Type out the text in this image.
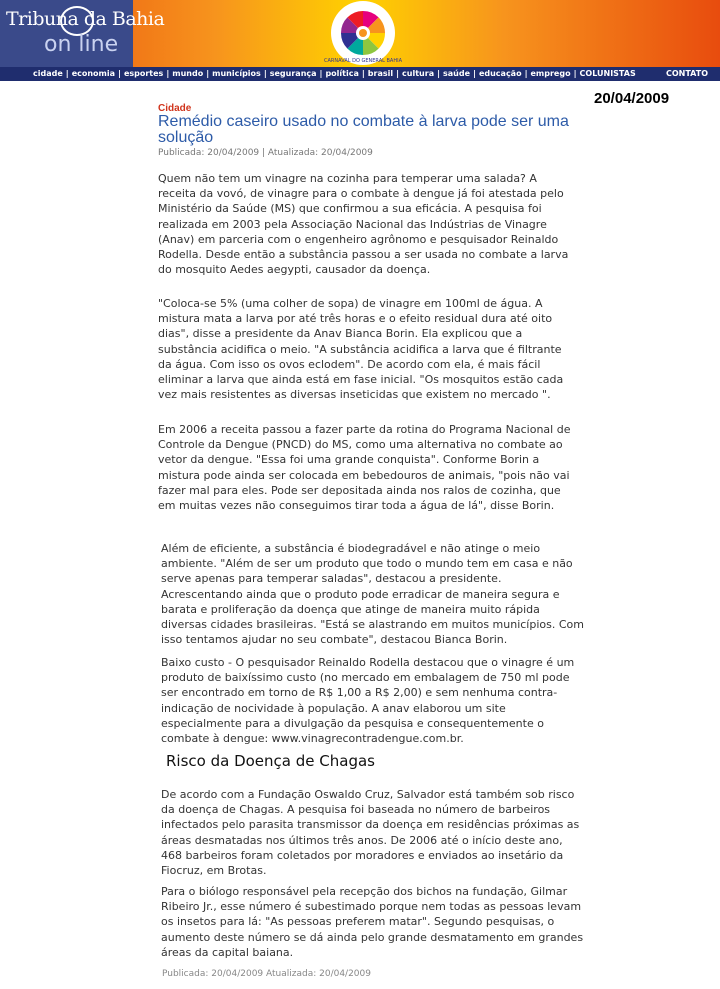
Tribuna da Bahia
on line
CARNAVAL DO GENERAL BAHIA
cidade | economia | esportes | mundo | municípios | segurança | política | brasil | cultura | saúde | educação | emprego | COLUNISTAS	CONTATO
20/04/2009
Cidade
Remédio caseiro usado no combate à larva pode ser uma solução
Publicada: 20/04/2009 | Atualizada: 20/04/2009

Quem não tem um vinagre na cozinha para temperar uma salada? A receita da vovó, de vinagre para o combate à dengue já foi atestada pelo Ministério da Saúde (MS) que confirmou a sua eficácia. A pesquisa foi realizada em 2003 pela Associação Nacional das Indústrias de Vinagre (Anav) em parceria com o engenheiro agrônomo e pesquisador Reinaldo Rodella. Desde então a substância passou a ser usada no combate a larva do mosquito Aedes aegypti, causador da doença.

"Coloca-se 5% (uma colher de sopa) de vinagre em 100ml de água. A mistura mata a larva por até três horas e o efeito residual dura até oito dias", disse a presidente da Anav Bianca Borin. Ela explicou que a substância acidifica o meio. "A substância acidifica a larva que é filtrante da água. Com isso os ovos eclodem". De acordo com ela, é mais fácil eliminar a larva que ainda está em fase inicial. "Os mosquitos estão cada vez mais resistentes as diversas inseticidas que existem no mercado ".

Em 2006 a receita passou a fazer parte da rotina do Programa Nacional de Controle da Dengue (PNCD) do MS, como uma alternativa no combate ao vetor da dengue. "Essa foi uma grande conquista". Conforme Borin a mistura pode ainda ser colocada em bebedouros de animais, "pois não vai fazer mal para eles. Pode ser depositada ainda nos ralos de cozinha, que em muitas vezes não conseguimos tirar toda a água de lá", disse Borin.

Além de eficiente, a substância é biodegradável e não atinge o meio ambiente. "Além de ser um produto que todo o mundo tem em casa e não serve apenas para temperar saladas", destacou a presidente. Acrescentando ainda que o produto pode erradicar de maneira segura e barata e proliferação da doença que atinge de maneira muito rápida diversas cidades brasileiras. "Está se alastrando em muitos municípios. Com isso tentamos ajudar no seu combate", destacou Bianca Borin.

Baixo custo - O pesquisador Reinaldo Rodella destacou que o vinagre é um produto de baixíssimo custo (no mercado em embalagem de 750 ml pode ser encontrado em torno de R$ 1,00 a R$ 2,00) e sem nenhuma contra-indicação de nocividade à população. A anav elaborou um site especialmente para a divulgação da pesquisa e consequentemente o combate à dengue: www.vinagrecontradengue.com.br.

Risco da Doença de Chagas

De acordo com a Fundação Oswaldo Cruz, Salvador está também sob risco da doença de Chagas. A pesquisa foi baseada no número de barbeiros infectados pelo parasita transmissor da doença em residências próximas as áreas desmatadas nos últimos três anos. De 2006 até o início deste ano, 468 barbeiros foram coletados por moradores e enviados ao insetário da Fiocruz, em Brotas.

Para o biólogo responsável pela recepção dos bichos na fundação, Gilmar Ribeiro Jr., esse número é subestimado porque nem todas as pessoas levam os insetos para lá: "As pessoas preferem matar". Segundo pesquisas, o aumento deste número se dá ainda pelo grande desmatamento em grandes áreas da capital baiana.

Publicada: 20/04/2009 Atualizada: 20/04/2009
